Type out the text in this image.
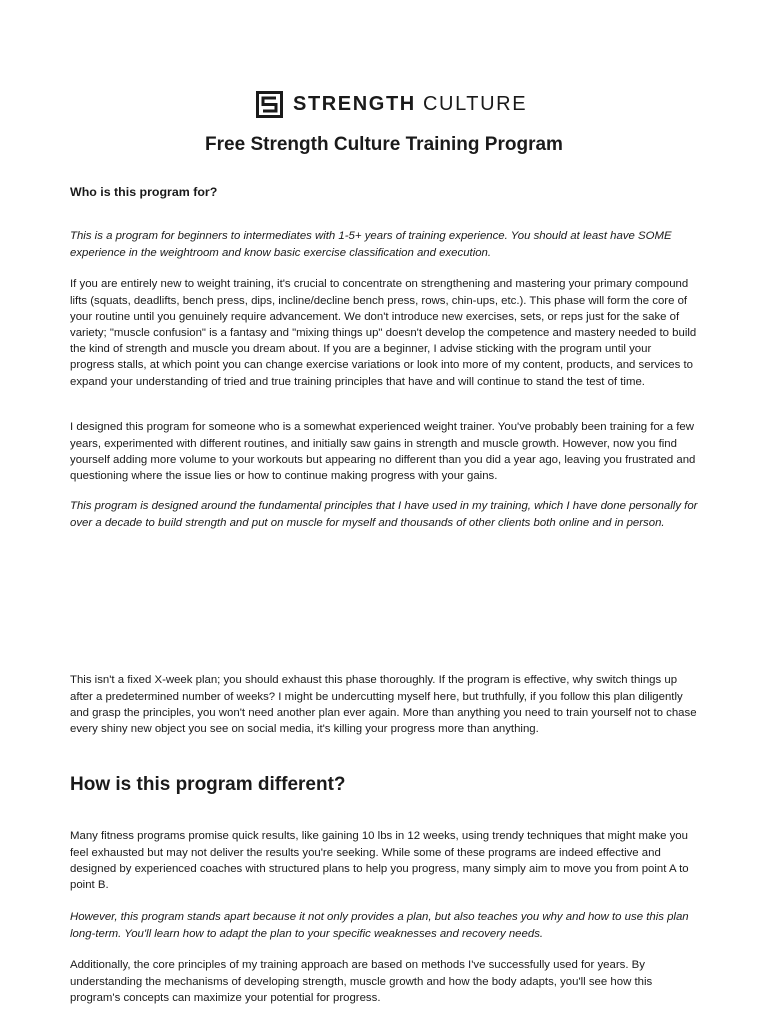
STRENGTH CULTURE
Free Strength Culture Training Program
Who is this program for?

This is a program for beginners to intermediates with 1-5+ years of training experience. You should at least have SOME experience in the weightroom and know basic exercise classification and execution.

If you are entirely new to weight training, it's crucial to concentrate on strengthening and mastering your primary compound lifts (squats, deadlifts, bench press, dips, incline/decline bench press, rows, chin-ups, etc.). This phase will form the core of your routine until you genuinely require advancement. We don't introduce new exercises, sets, or reps just for the sake of variety; "muscle confusion" is a fantasy and "mixing things up" doesn't develop the competence and mastery needed to build the kind of strength and muscle you dream about. If you are a beginner, I advise sticking with the program until your progress stalls, at which point you can change exercise variations or look into more of my content, products, and services to expand your understanding of tried and true training principles that have and will continue to stand the test of time.

I designed this program for someone who is a somewhat experienced weight trainer. You've probably been training for a few years, experimented with different routines, and initially saw gains in strength and muscle growth. However, now you find yourself adding more volume to your workouts but appearing no different than you did a year ago, leaving you frustrated and questioning where the issue lies or how to continue making progress with your gains.

This program is designed around the fundamental principles that I have used in my training, which I have done personally for over a decade to build strength and put on muscle for myself and thousands of other clients both online and in person.

This isn't a fixed X-week plan; you should exhaust this phase thoroughly. If the program is effective, why switch things up after a predetermined number of weeks? I might be undercutting myself here, but truthfully, if you follow this plan diligently and grasp the principles, you won't need another plan ever again. More than anything you need to train yourself not to chase every shiny new object you see on social media, it's killing your progress more than anything.

How is this program different?

Many fitness programs promise quick results, like gaining 10 lbs in 12 weeks, using trendy techniques that might make you feel exhausted but may not deliver the results you're seeking. While some of these programs are indeed effective and designed by experienced coaches with structured plans to help you progress, many simply aim to move you from point A to point B.

However, this program stands apart because it not only provides a plan, but also teaches you why and how to use this plan long-term. You'll learn how to adapt the plan to your specific weaknesses and recovery needs.

Additionally, the core principles of my training approach are based on methods I've successfully used for years. By understanding the mechanisms of developing strength, muscle growth and how the body adapts, you'll see how this program's concepts can maximize your potential for progress.
